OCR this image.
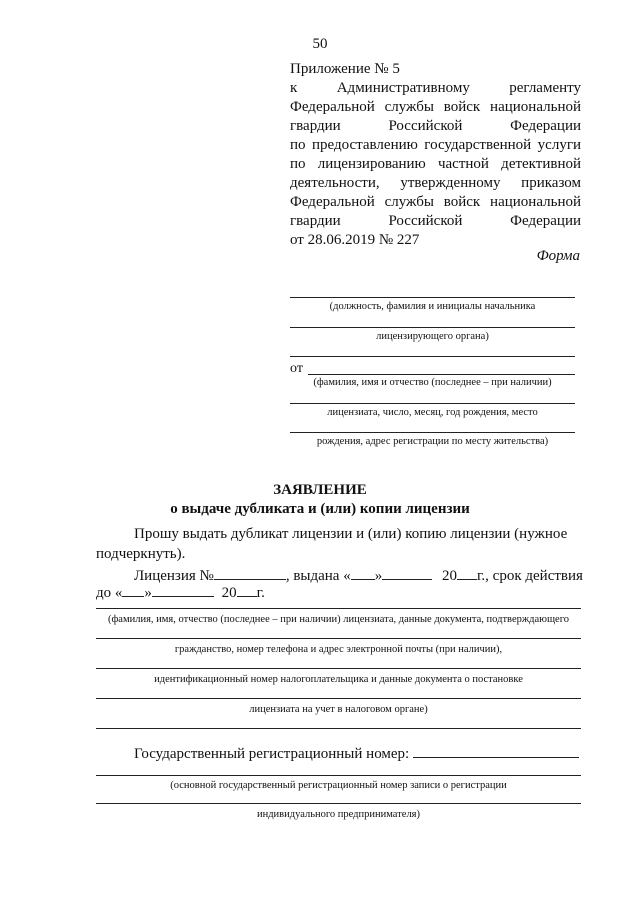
50
Приложение № 5
к Административному регламенту
Федеральной службы войск национальной
гвардии Российской Федерации
по предоставлению государственной услуги
по лицензированию частной детективной
деятельности, утвержденному приказом
Федеральной службы войск национальной
гвардии Российской Федерации
от 28.06.2019 № 227
Форма
(должность, фамилия и инициалы начальника
лицензирующего органа)
от
(фамилия, имя и отчество (последнее – при наличии)
лицензиата, число, месяц, год рождения, место
рождения, адрес регистрации по месту жительства)
ЗАЯВЛЕНИЕ
о выдаче дубликата и (или) копии лицензии
Прошу выдать дубликат лицензии и (или) копию лицензии (нужное
подчеркнуть).
Лицензия №	, выдана « »	20 г., срок действия
до « »	20 г.
(фамилия, имя, отчество (последнее – при наличии) лицензиата, данные документа, подтверждающего
гражданство, номер телефона и адрес электронной почты (при наличии),
идентификационный номер налогоплательщика и данные документа о постановке
лицензиата на учет в налоговом органе)
Государственный регистрационный номер:
(основной государственный регистрационный номер записи о регистрации
индивидуального предпринимателя)
